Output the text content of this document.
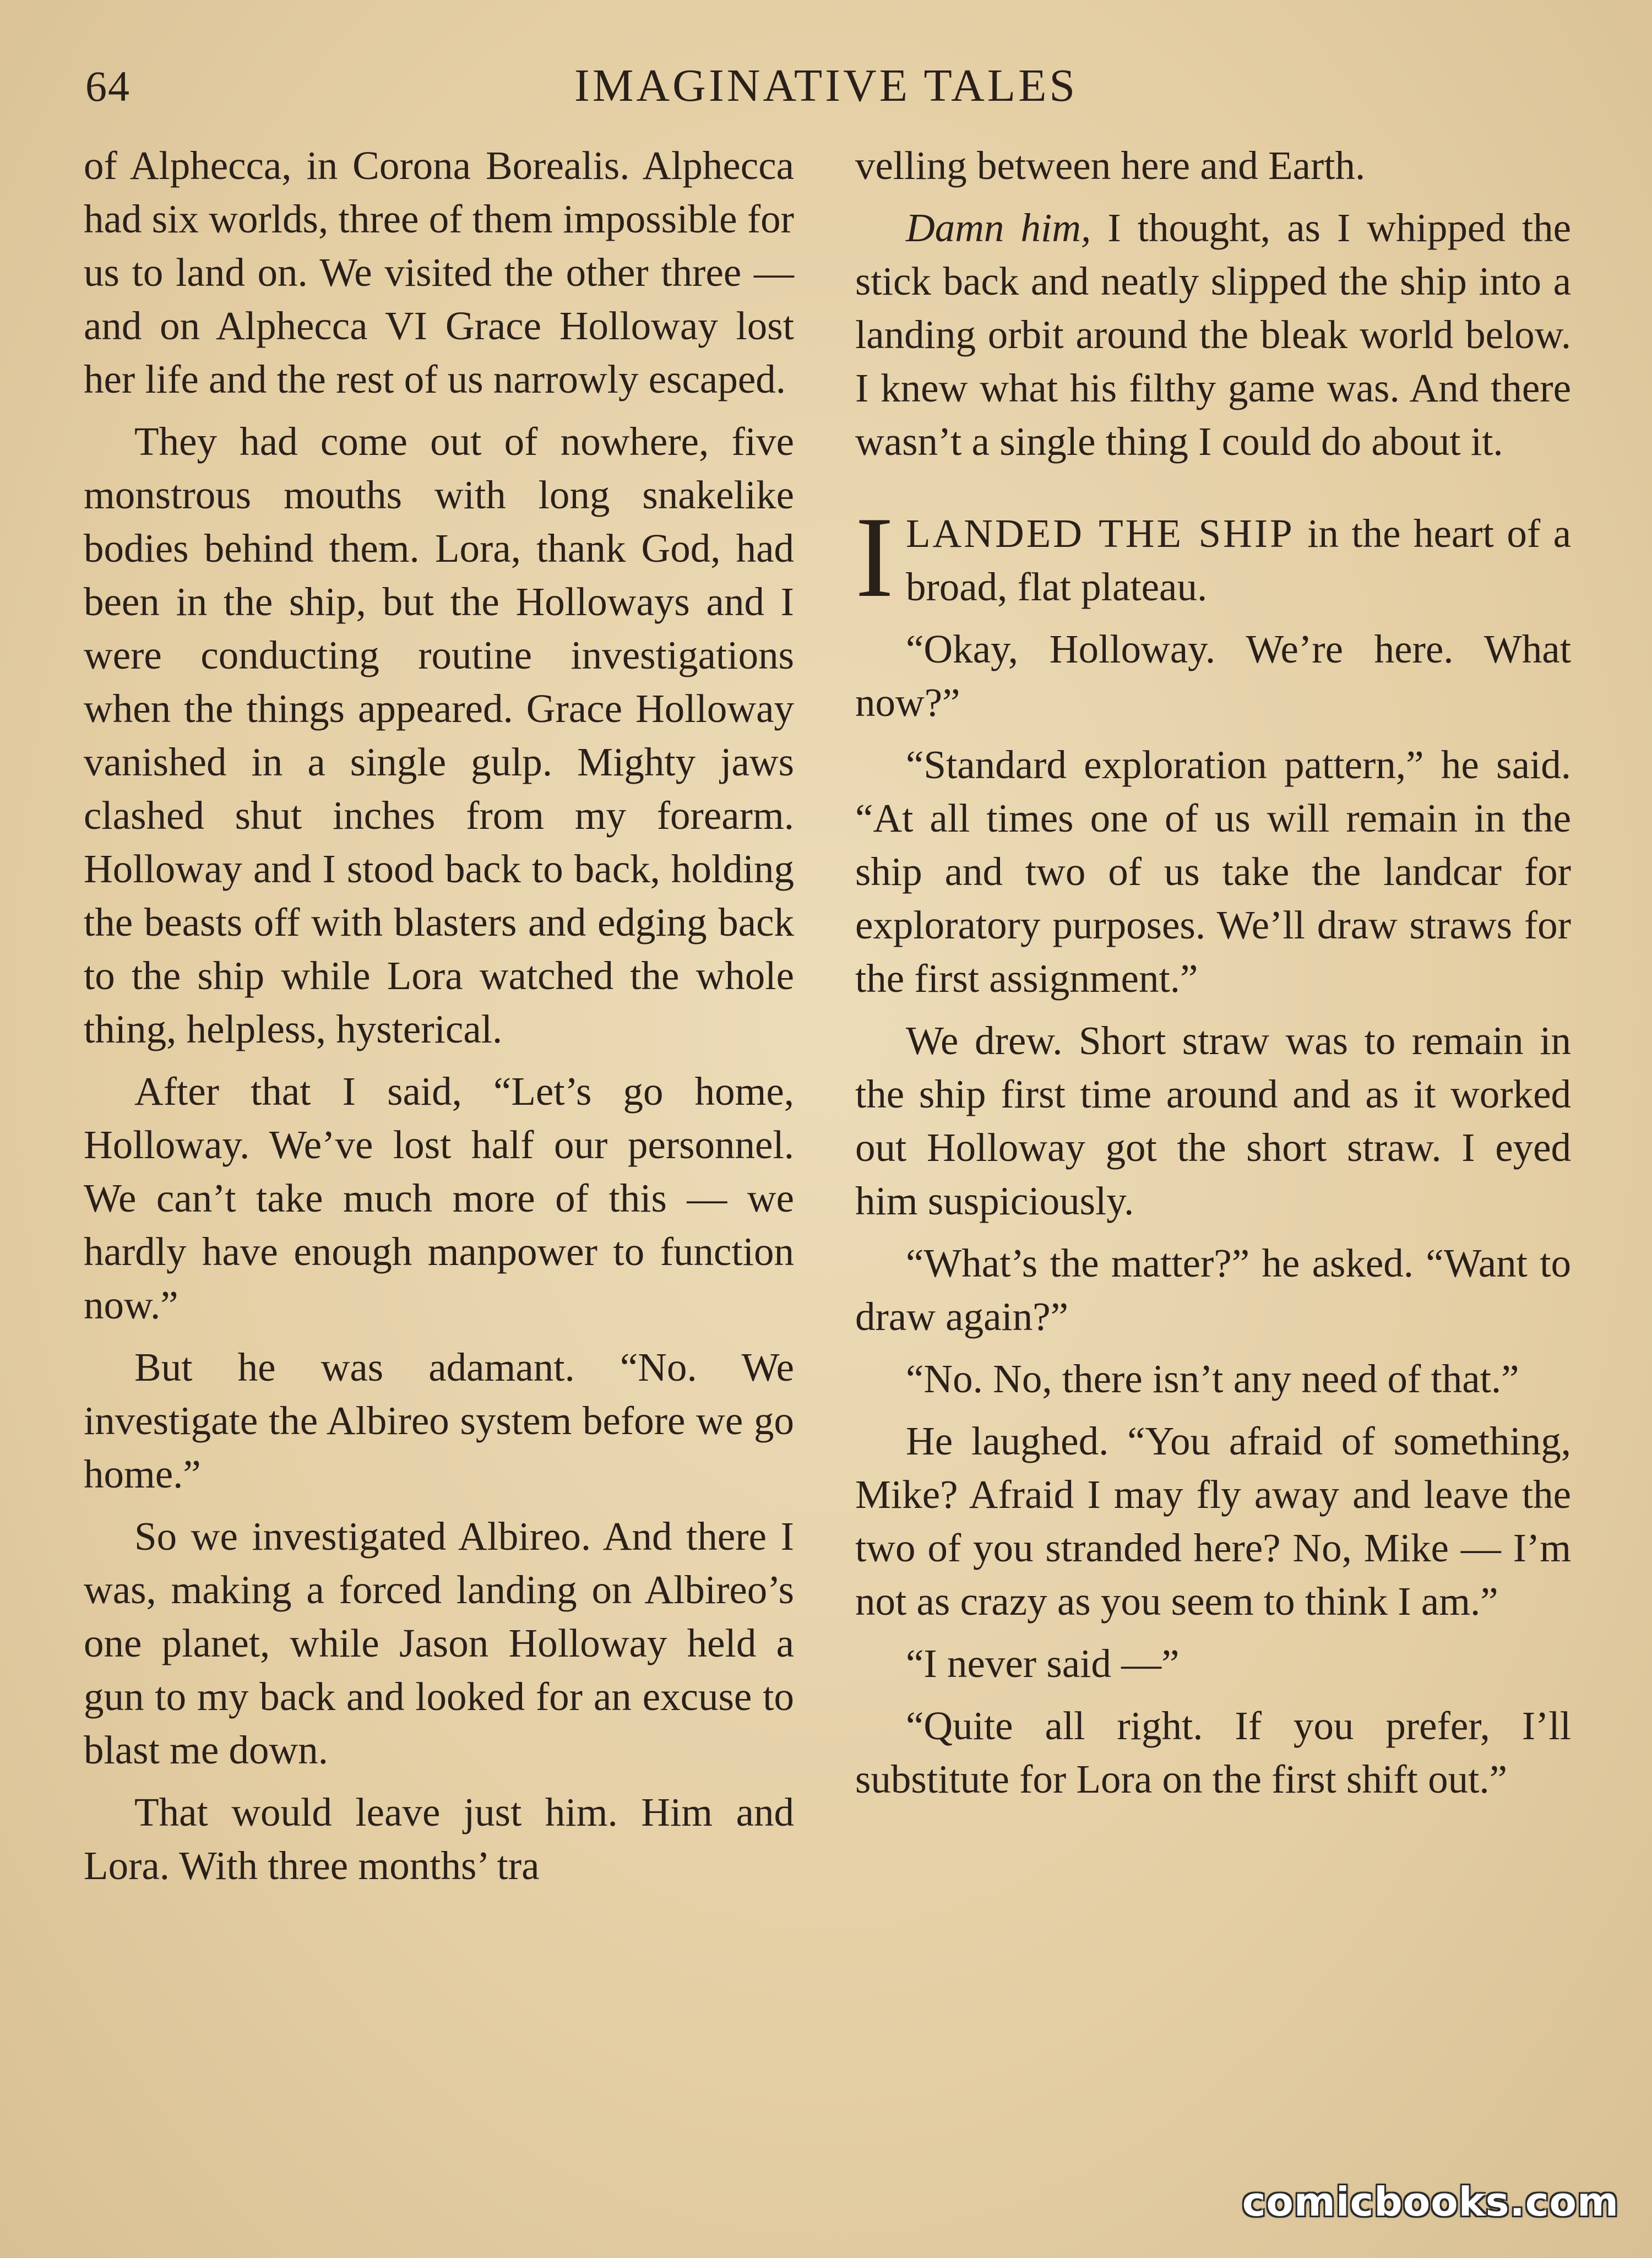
64	IMAGINATIVE TALES

of Alphecca, in Corona Borealis. Alphecca had six worlds, three of them impossible for us to land on. We visited the other three — and on Alphecca VI Grace Holloway lost her life and the rest of us narrowly escaped.

They had come out of nowhere, five monstrous mouths with long snakelike bodies behind them. Lora, thank God, had been in the ship, but the Holloways and I were conducting routine investigations when the things appeared. Grace Holloway vanished in a single gulp. Mighty jaws clashed shut inches from my forearm. Holloway and I stood back to back, holding the beasts off with blasters and edging back to the ship while Lora watched the whole thing, helpless, hysterical.

After that I said, “Let’s go home, Holloway. We’ve lost half our personnel. We can’t take much more of this — we hardly have enough manpower to function now.”

But he was adamant. “No. We investigate the Albireo system before we go home.”

So we investigated Albireo. And there I was, making a forced landing on Albireo’s one planet, while Jason Holloway held a gun to my back and looked for an excuse to blast me down.

That would leave just him. Him and Lora. With three months’ tra

velling between here and Earth.

Damn him, I thought, as I whipped the stick back and neatly slipped the ship into a landing orbit around the bleak world below. I knew what his filthy game was. And there wasn’t a single thing I could do about it.

ILANDED THE SHIP in the heart of a broad, flat plateau.

“Okay, Holloway. We’re here. What now?”

“Standard exploration pattern,” he said. “At all times one of us will remain in the ship and two of us take the landcar for exploratory purposes. We’ll draw straws for the first assignment.”

We drew. Short straw was to remain in the ship first time around and as it worked out Holloway got the short straw. I eyed him suspiciously.

“What’s the matter?” he asked. “Want to draw again?”

“No. No, there isn’t any need of that.”

He laughed. “You afraid of something, Mike? Afraid I may fly away and leave the two of you stranded here? No, Mike — I’m not as crazy as you seem to think I am.”

“I never said —”

“Quite all right. If you prefer, I’ll substitute for Lora on the first shift out.”

comicbooks.com
